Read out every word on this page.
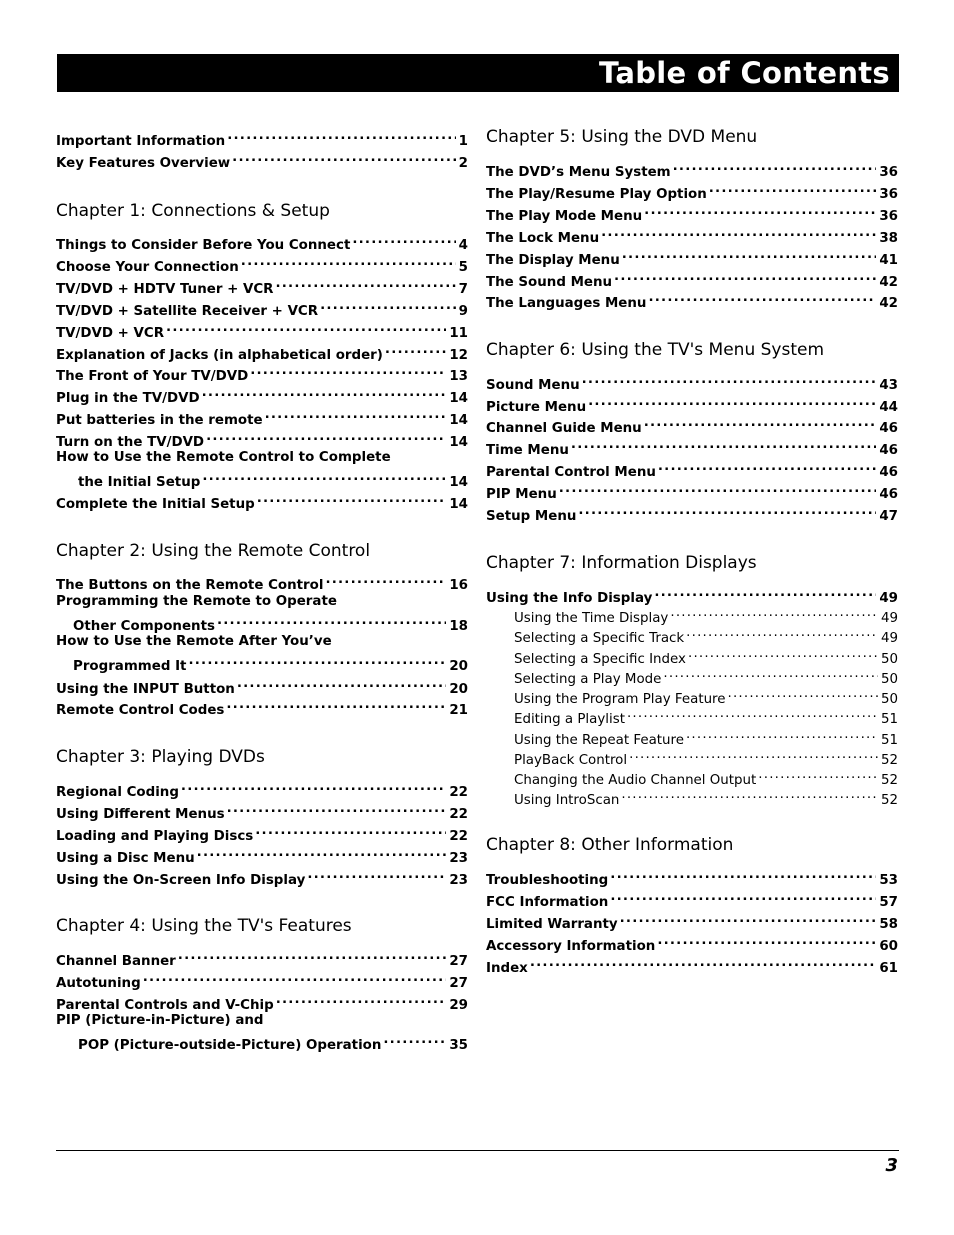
Table of Contents
Important Information .....	1
Key Features Overview .....	2
Chapter 1: Connections & Setup
Things to Consider Before You Connect .....	4
Choose Your Connection .....	5
TV/DVD + HDTV Tuner + VCR .....	7
TV/DVD + Satellite Receiver + VCR .....	9
TV/DVD + VCR .....	11
Explanation of Jacks (in alphabetical order) .....	12
The Front of Your TV/DVD .....	13
Plug in the TV/DVD .....	14
Put batteries in the remote .....	14
Turn on the TV/DVD .....	14
How to Use the Remote Control to Complete
the Initial Setup .....	14
Complete the Initial Setup .....	14
Chapter 2: Using the Remote Control
The Buttons on the Remote Control .....	16
Programming the Remote to Operate
Other Components .....	18
How to Use the Remote After You’ve
Programmed It .....	20
Using the INPUT Button .....	20
Remote Control Codes .....	21
Chapter 3: Playing DVDs
Regional Coding .....	22
Using Different Menus .....	22
Loading and Playing Discs .....	22
Using a Disc Menu .....	23
Using the On-Screen Info Display .....	23
Chapter 4: Using the TV's Features
Channel Banner .....	27
Autotuning .....	27
Parental Controls and V-Chip .....	29
PIP (Picture-in-Picture) and
POP (Picture-outside-Picture) Operation .....	35
Chapter 5: Using the DVD Menu
The DVD’s Menu System .....	36
The Play/Resume Play Option .....	36
The Play Mode Menu .....	36
The Lock Menu .....	38
The Display Menu .....	41
The Sound Menu .....	42
The Languages Menu .....	42
Chapter 6: Using the TV's Menu System
Sound Menu .....	43
Picture Menu .....	44
Channel Guide Menu .....	46
Time Menu .....	46
Parental Control Menu .....	46
PIP Menu .....	46
Setup Menu .....	47
Chapter 7: Information Displays
Using the Info Display .....	49
Using the Time Display .....	49
Selecting a Specific Track .....	49
Selecting a Specific Index .....	50
Selecting a Play Mode .....	50
Using the Program Play Feature .....	50
Editing a Playlist .....	51
Using the Repeat Feature .....	51
PlayBack Control .....	52
Changing the Audio Channel Output .....	52
Using IntroScan .....	52
Chapter 8: Other Information
Troubleshooting .....	53
FCC Information .....	57
Limited Warranty .....	58
Accessory Information .....	60
Index .....	61
3
